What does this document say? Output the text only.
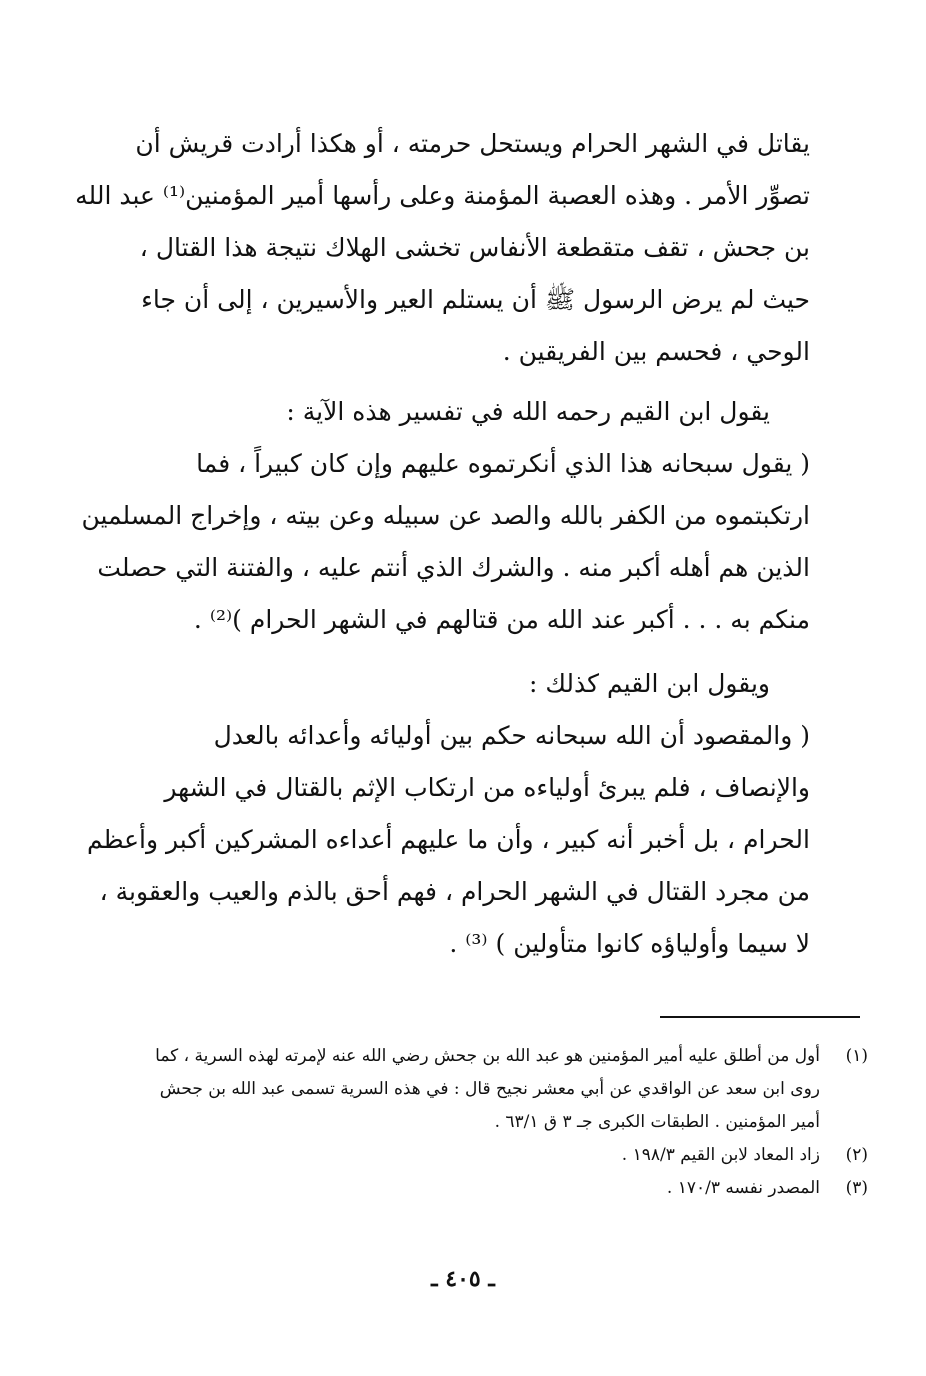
يقاتل في الشهر الحرام ويستحل حرمته ، أو هكذا أرادت قريش أن
تصوِّر الأمر . وهذه العصبة المؤمنة وعلى رأسها أمير المؤمنين⁽¹⁾ عبد الله
بن جحش ، تقف متقطعة الأنفاس تخشى الهلاك نتيجة هذا القتال ،
حيث لم يرض الرسول ﷺ أن يستلم العير والأسيرين ، إلى أن جاء
الوحي ، فحسم بين الفريقين .
يقول ابن القيم رحمه الله في تفسير هذه الآية :
( يقول سبحانه هذا الذي أنكرتموه عليهم وإن كان كبيراً ، فما
ارتكبتموه من الكفر بالله والصد عن سبيله وعن بيته ، وإخراج المسلمين
الذين هم أهله أكبر منه . والشرك الذي أنتم عليه ، والفتنة التي حصلت
منكم به . . . أكبر عند الله من قتالهم في الشهر الحرام )⁽²⁾ .
ويقول ابن القيم كذلك :
( والمقصود أن الله سبحانه حكم بين أوليائه وأعدائه بالعدل
والإنصاف ، فلم يبرئ أولياءه من ارتكاب الإثم بالقتال في الشهر
الحرام ، بل أخبر أنه كبير ، وأن ما عليهم أعداءه المشركين أكبر وأعظم
من مجرد القتال في الشهر الحرام ، فهم أحق بالذم والعيب والعقوبة ،
لا سيما وأولياؤه كانوا متأولين ) ⁽³⁾ .
(١)
أول من أطلق عليه أمير المؤمنين هو عبد الله بن جحش رضي الله عنه لإمرته لهذه السرية ، كما
روى ابن سعد عن الواقدي عن أبي معشر نجيح قال : في هذه السرية تسمى عبد الله بن جحش
أمير المؤمنين . الطبقات الكبرى جـ ٣ ق ٦٣/١ .
(٢)
زاد المعاد لابن القيم ١٩٨/٣ .
(٣)
المصدر نفسه ١٧٠/٣ .
ـ ٤٠٥ ـ
